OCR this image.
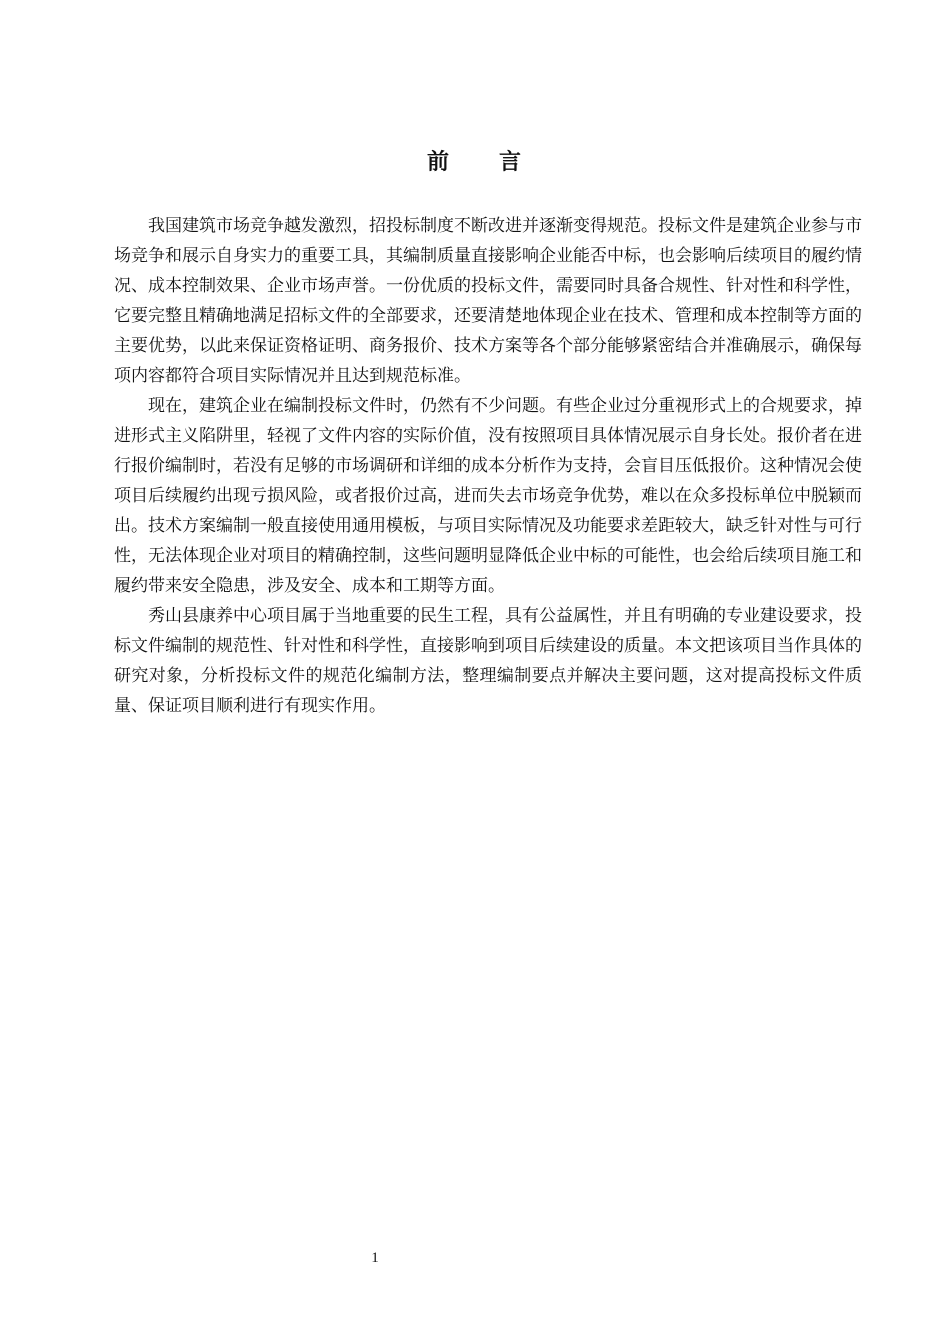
前 言

我国建筑市场竞争越发激烈，招投标制度不断改进并逐渐变得规范。投标文件是建筑企业参与市场竞争和展示自身实力的重要工具，其编制质量直接影响企业能否中标，也会影响后续项目的履约情况、成本控制效果、企业市场声誉。一份优质的投标文件，需要同时具备合规性、针对性和科学性，它要完整且精确地满足招标文件的全部要求，还要清楚地体现企业在技术、管理和成本控制等方面的主要优势，以此来保证资格证明、商务报价、技术方案等各个部分能够紧密结合并准确展示，确保每项内容都符合项目实际情况并且达到规范标准。

现在，建筑企业在编制投标文件时，仍然有不少问题。有些企业过分重视形式上的合规要求，掉进形式主义陷阱里，轻视了文件内容的实际价值，没有按照项目具体情况展示自身长处。报价者在进行报价编制时，若没有足够的市场调研和详细的成本分析作为支持，会盲目压低报价。这种情况会使项目后续履约出现亏损风险，或者报价过高，进而失去市场竞争优势，难以在众多投标单位中脱颖而出。技术方案编制一般直接使用通用模板，与项目实际情况及功能要求差距较大，缺乏针对性与可行性，无法体现企业对项目的精确控制，这些问题明显降低企业中标的可能性，也会给后续项目施工和履约带来安全隐患，涉及安全、成本和工期等方面。

秀山县康养中心项目属于当地重要的民生工程，具有公益属性，并且有明确的专业建设要求，投标文件编制的规范性、针对性和科学性，直接影响到项目后续建设的质量。本文把该项目当作具体的研究对象，分析投标文件的规范化编制方法，整理编制要点并解决主要问题，这对提高投标文件质量、保证项目顺利进行有现实作用。

1
